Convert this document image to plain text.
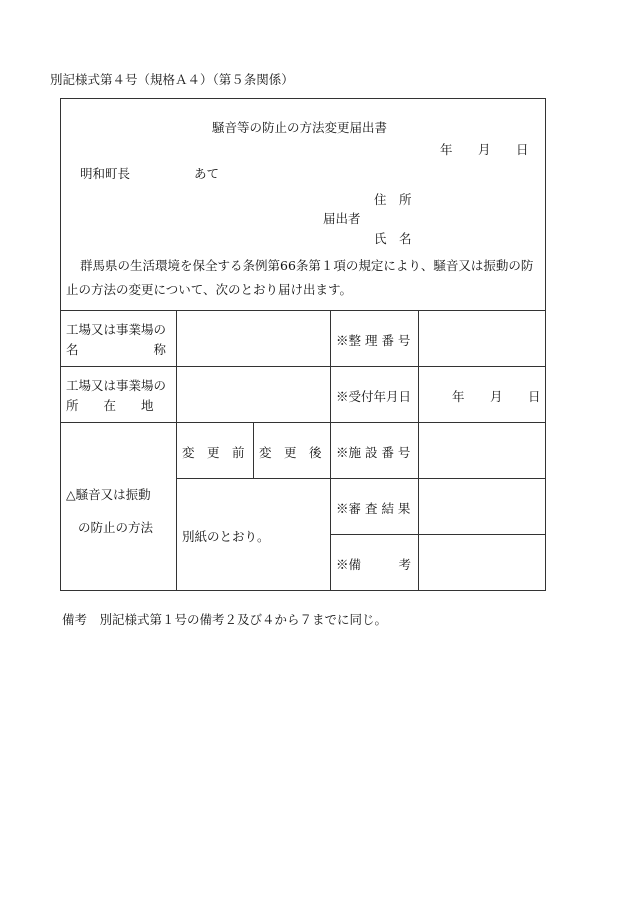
別記様式第４号（規格Ａ４）（第５条関係）
騒音等の防止の方法変更届出書
年 月 日
明和町長	あて
住　所
届出者
氏　名
群馬県の生活環境を保全する条例第66条第１項の規定により、騒音又は振動の防
止の方法の変更について、次のとおり届け出ます。
工場又は事業場の
名　　　　　　称
※整 理 番 号
工場又は事業場の
所　　在　　地
※受付年月日	年 月 日
△騒音又は振動
の防止の方法
変　更　前 変　更　後
別紙のとおり。
※施 設 番 号
※審 査 結 果
※備　　　考
備考　別記様式第１号の備考２及び４から７までに同じ。
